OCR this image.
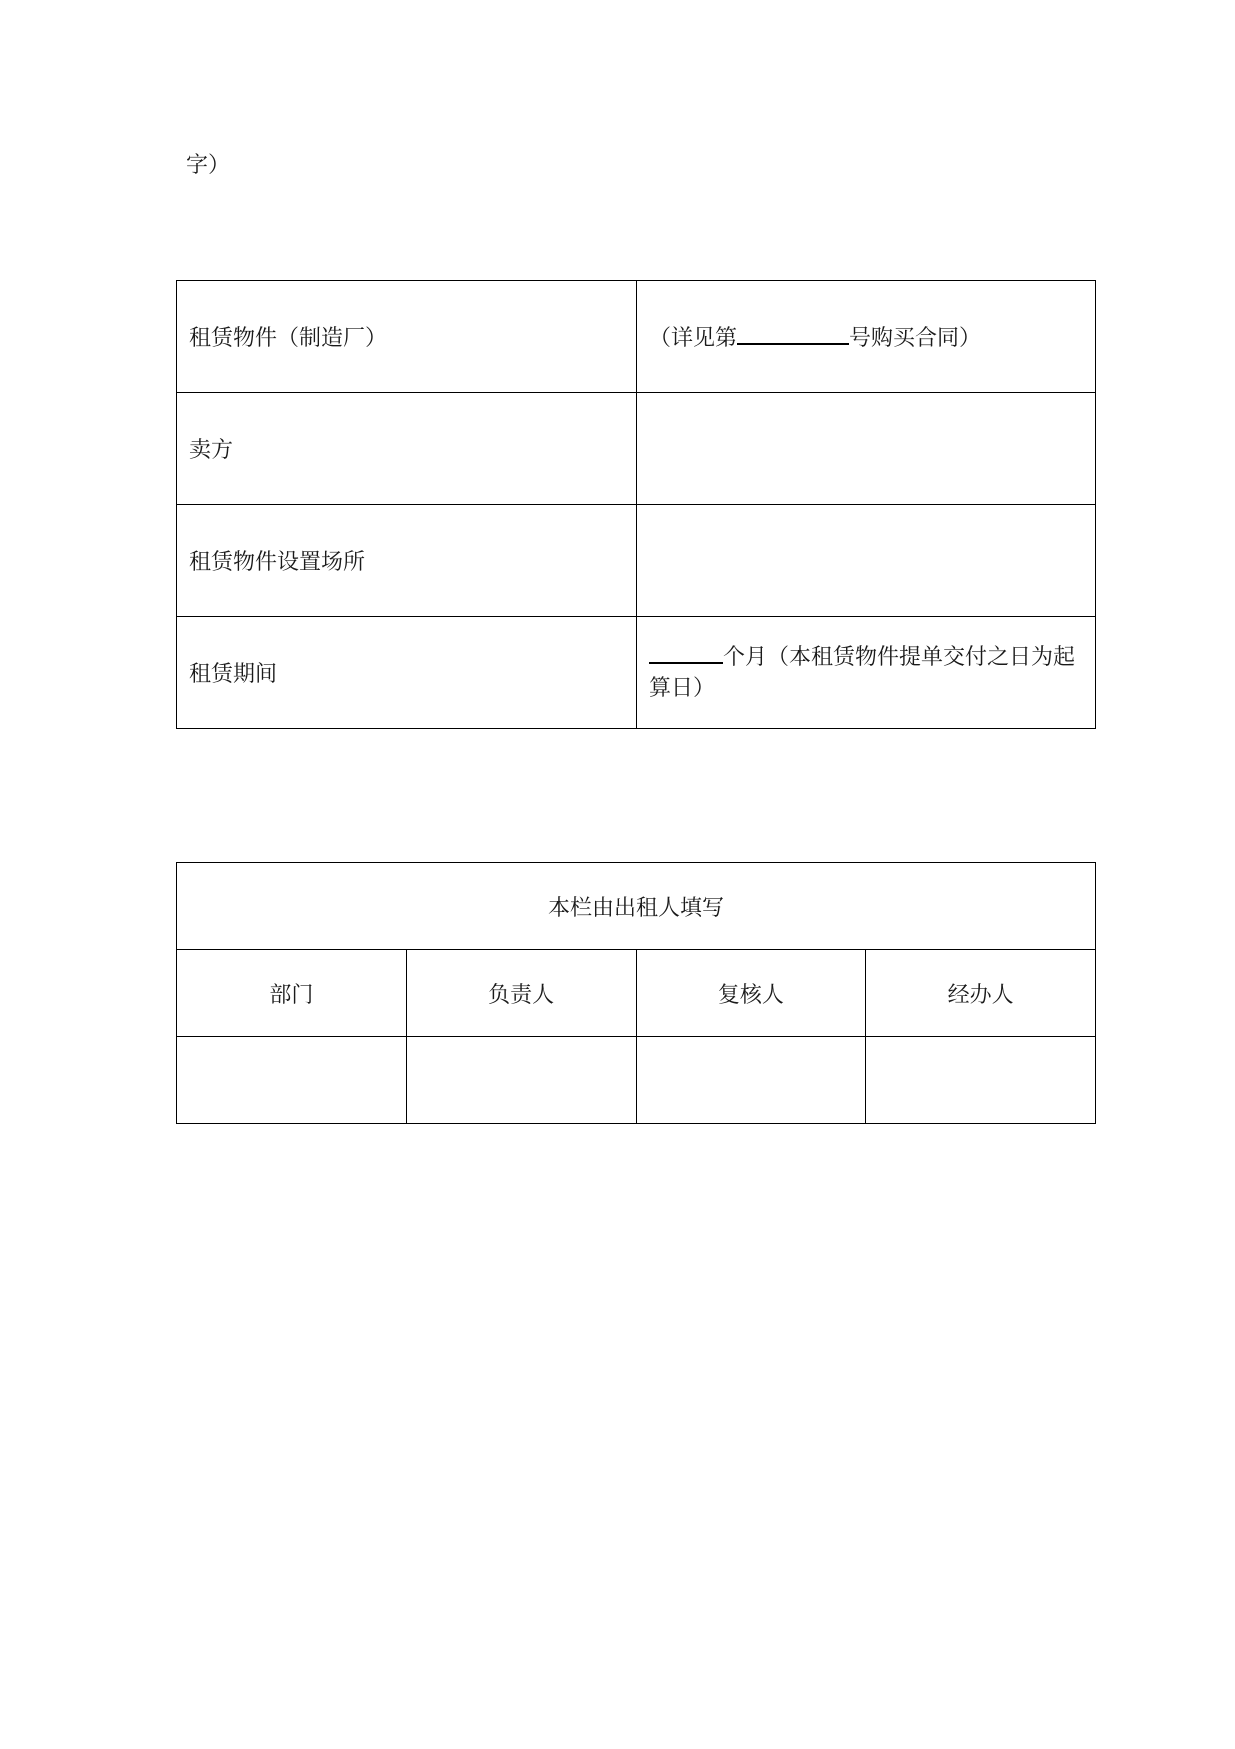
字）

租赁物件（制造厂）	（详见第 号购买合同）
卖方	
租赁物件设置场所	
租赁期间	个月（本租赁物件提单交付之日为起算日）
本栏由出租人填写			
部门	负责人	复核人	经办人
